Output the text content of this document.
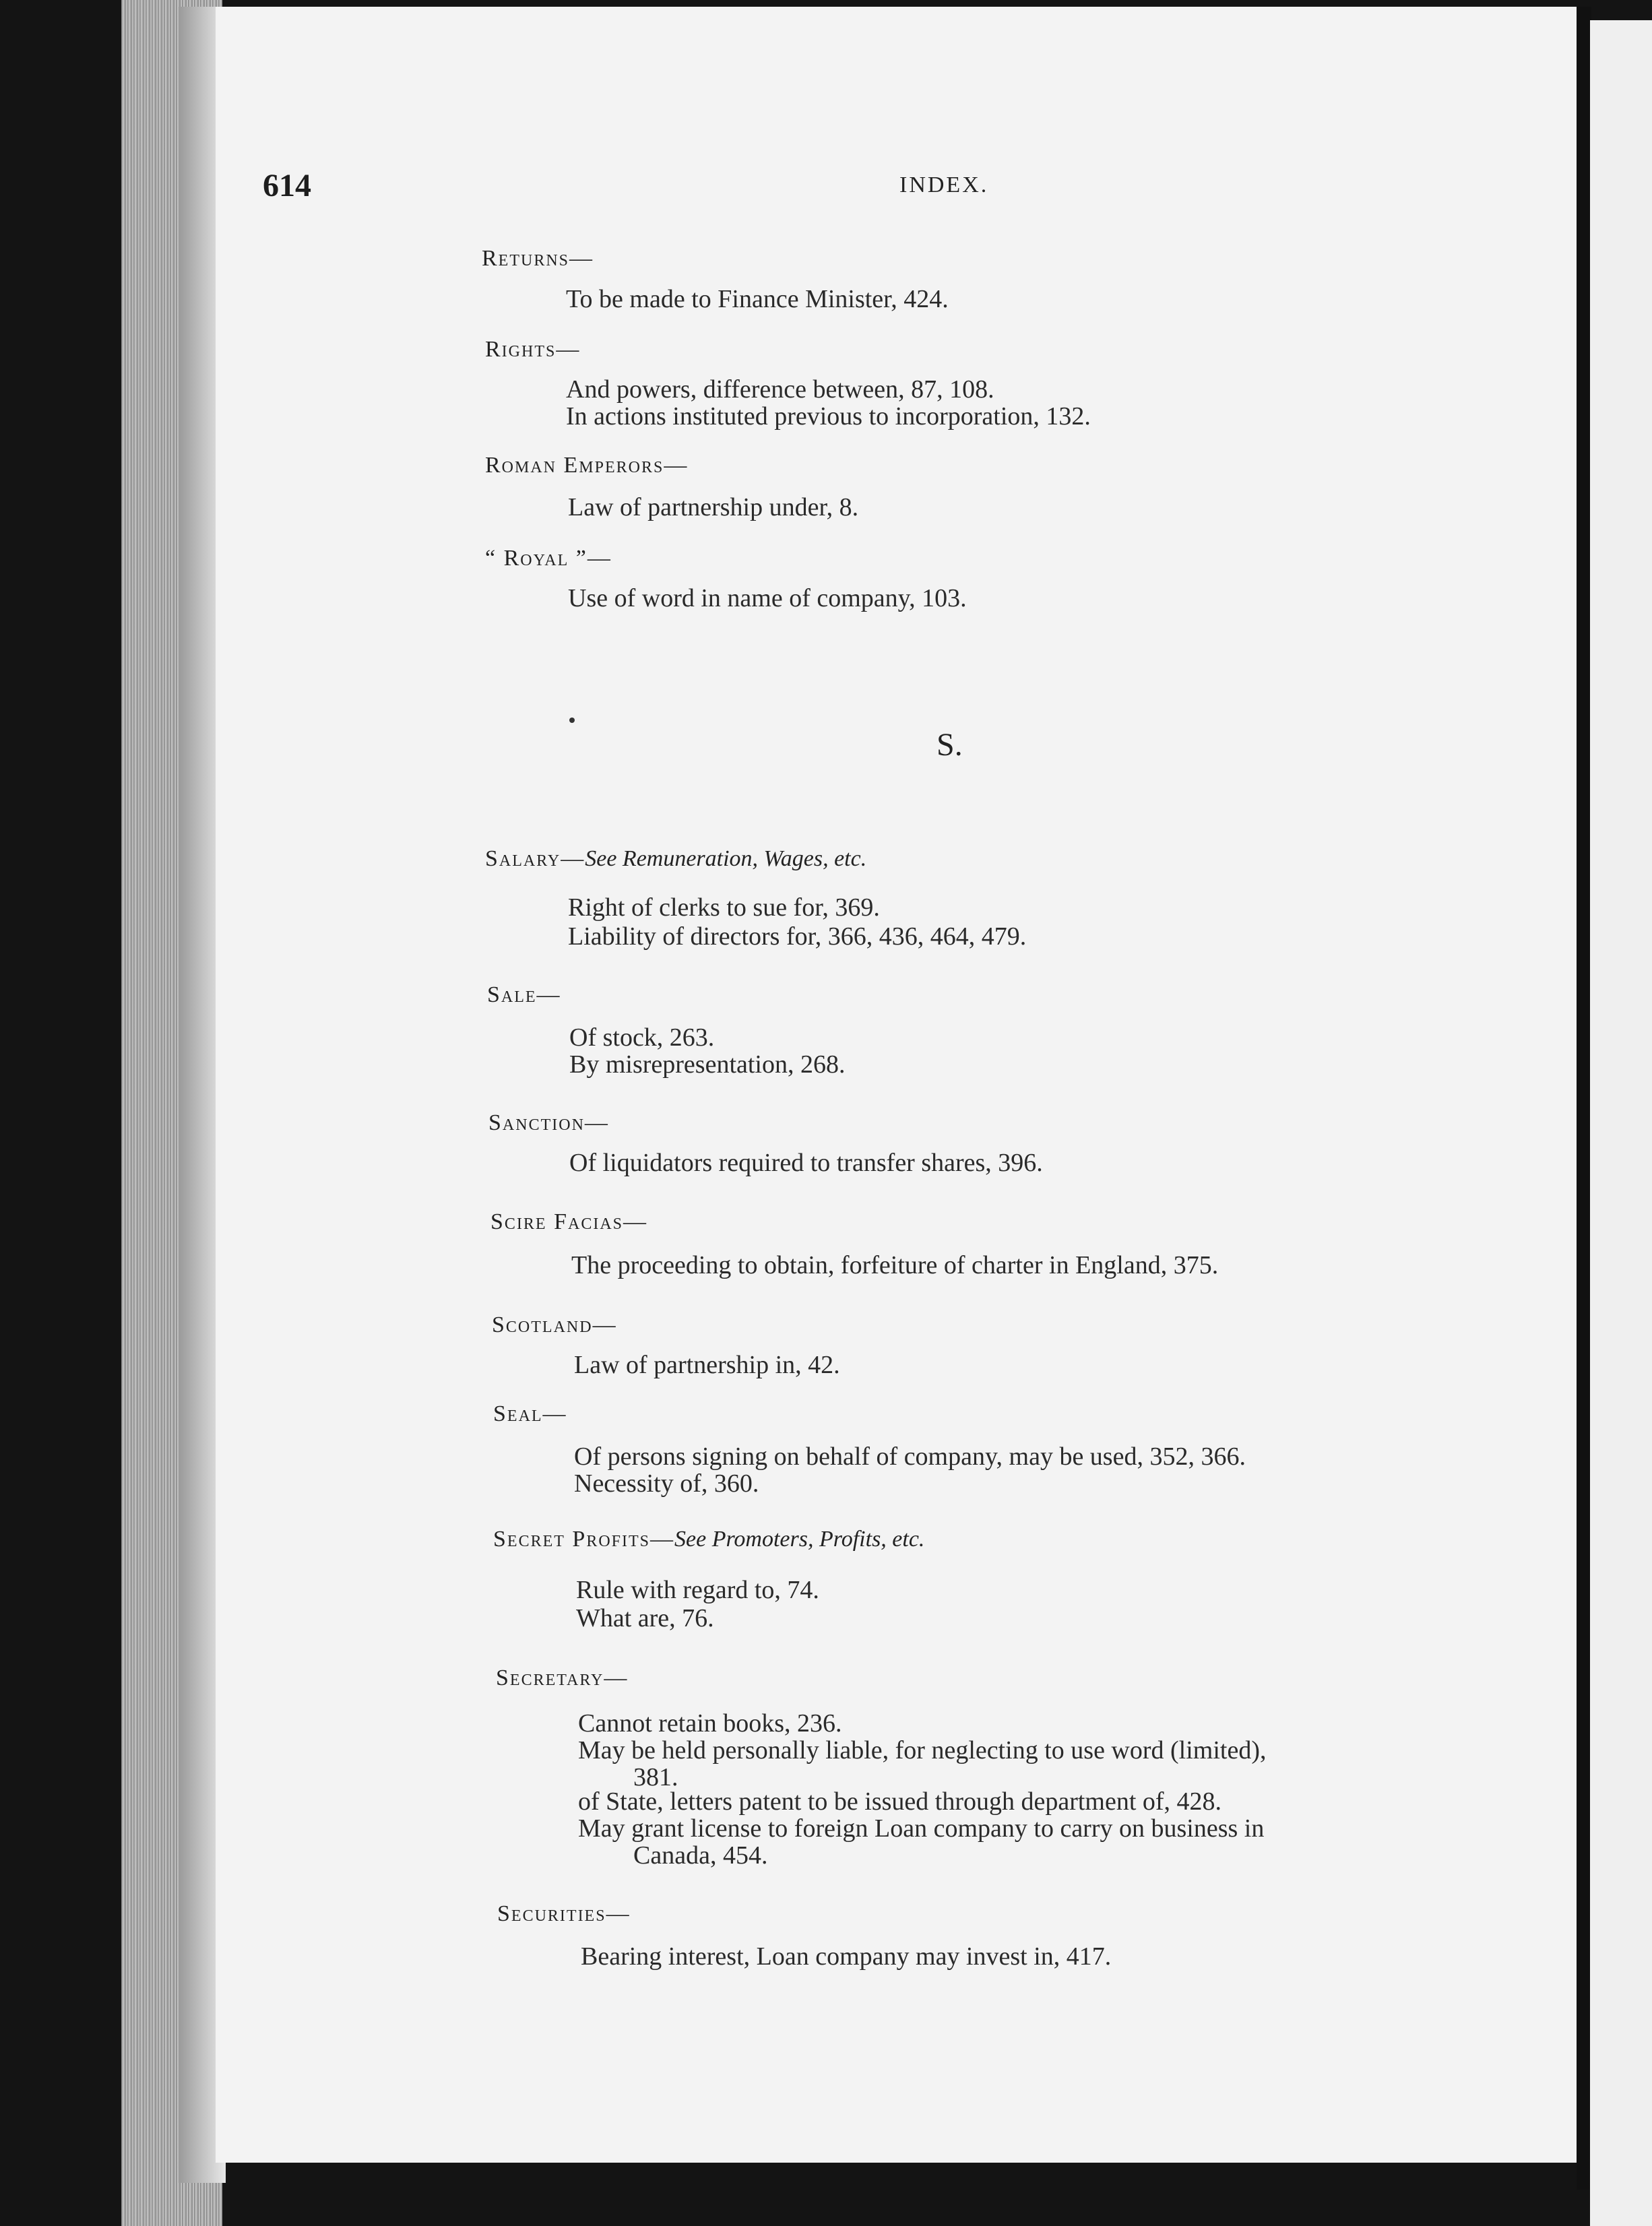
614	INDEX.
Returns—
To be made to Finance Minister, 424.
Rights—
And powers, difference between, 87, 108.
In actions instituted previous to incorporation, 132.
Roman Emperors—
Law of partnership under, 8.
“ Royal ”—
Use of word in name of company, 103.
S.
Salary—See Remuneration, Wages, etc.
Right of clerks to sue for, 369.
Liability of directors for, 366, 436, 464, 479.
Sale—
Of stock, 263.
By misrepresentation, 268.
Sanction—
Of liquidators required to transfer shares, 396.
Scire Facias—
The proceeding to obtain, forfeiture of charter in England, 375.
Scotland—
Law of partnership in, 42.
Seal—
Of persons signing on behalf of company, may be used, 352, 366.
Necessity of, 360.
Secret Profits—See Promoters, Profits, etc.
Rule with regard to, 74.
What are, 76.
Secretary—
Cannot retain books, 236.
May be held personally liable, for neglecting to use word (limited),
381.
of State, letters patent to be issued through department of, 428.
May grant license to foreign Loan company to carry on business in
Canada, 454.
Securities—
Bearing interest, Loan company may invest in, 417.
